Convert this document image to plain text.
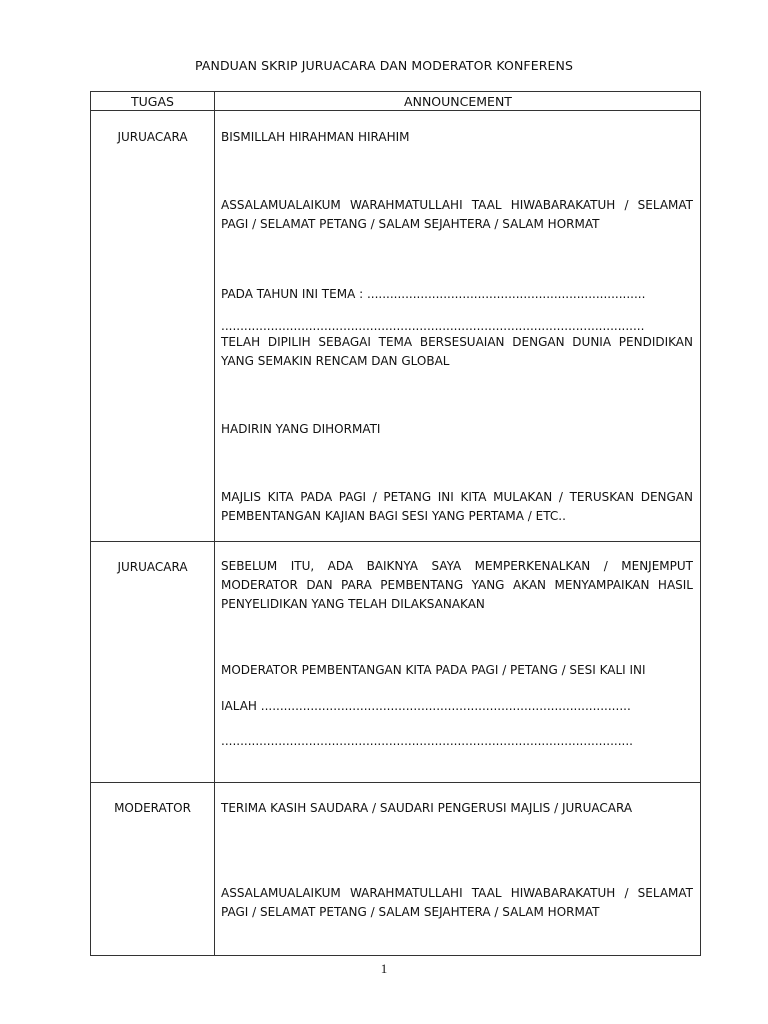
PANDUAN SKRIP JURUACARA DAN MODERATOR KONFERENS
TUGAS	ANNOUNCEMENT
JURUACARA	BISMILLAH HIRAHMAN HIRAHIM
ASSALAMUALAIKUM WARAHMATULLAHI TAAL HIWABARAKATUH / SELAMAT PAGI / SELAMAT PETANG / SALAM SEJAHTERA / SALAM HORMAT
PADA TAHUN INI TEMA : .........................................................................
...............................................................................................................
TELAH DIPILIH SEBAGAI TEMA BERSESUAIAN DENGAN DUNIA PENDIDIKAN YANG SEMAKIN RENCAM DAN GLOBAL
HADIRIN YANG DIHORMATI
MAJLIS KITA PADA PAGI / PETANG INI KITA MULAKAN / TERUSKAN DENGAN PEMBENTANGAN KAJIAN BAGI SESI YANG PERTAMA / ETC..
JURUACARA	SEBELUM ITU, ADA BAIKNYA SAYA MEMPERKENALKAN / MENJEMPUT MODERATOR DAN PARA PEMBENTANG YANG AKAN MENYAMPAIKAN HASIL PENYELIDIKAN YANG TELAH DILAKSANAKAN
MODERATOR PEMBENTANGAN KITA PADA PAGI / PETANG / SESI KALI INI
IALAH .................................................................................................
............................................................................................................
MODERATOR	TERIMA KASIH SAUDARA / SAUDARI PENGERUSI MAJLIS / JURUACARA
ASSALAMUALAIKUM WARAHMATULLAHI TAAL HIWABARAKATUH / SELAMAT PAGI / SELAMAT PETANG / SALAM SEJAHTERA / SALAM HORMAT
1
